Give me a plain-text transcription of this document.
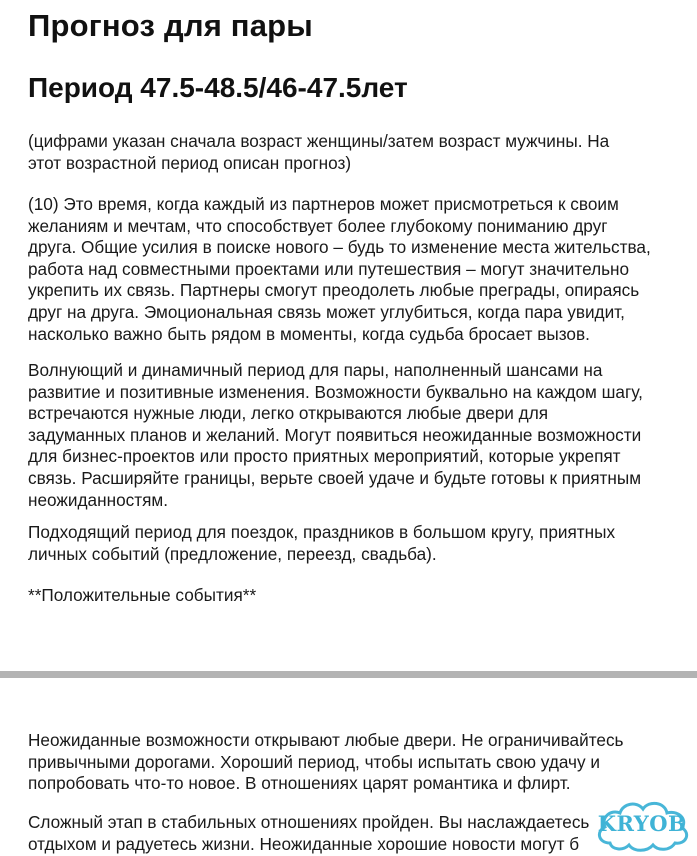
Прогноз для пары
Период 47.5-48.5/46-47.5лет

(цифрами указан сначала возраст женщины/затем возраст мужчины. На
этот возрастной период описан прогноз)

(10) Это время, когда каждый из партнеров может присмотреться к своим
желаниям и мечтам, что способствует более глубокому пониманию друг
друга. Общие усилия в поиске нового – будь то изменение места жительства,
работа над совместными проектами или путешествия – могут значительно
укрепить их связь. Партнеры смогут преодолеть любые преграды, опираясь
друг на друга. Эмоциональная связь может углубиться, когда пара увидит,
насколько важно быть рядом в моменты, когда судьба бросает вызов.

Волнующий и динамичный период для пары, наполненный шансами на
развитие и позитивные изменения. Возможности буквально на каждом шагу,
встречаются нужные люди, легко открываются любые двери для
задуманных планов и желаний. Могут появиться неожиданные возможности
для бизнес-проектов или просто приятных мероприятий, которые укрепят
связь. Расширяйте границы, верьте своей удаче и будьте готовы к приятным
неожиданностям.

Подходящий период для поездок, праздников в большом кругу, приятных
личных событий (предложение, переезд, свадьба).

**Положительные события**

Неожиданные возможности открывают любые двери. Не ограничивайтесь
привычными дорогами. Хороший период, чтобы испытать свою удачу и
попробовать что-то новое. В отношениях царят романтика и флирт.

Сложный этап в стабильных отношениях пройден. Вы наслаждаетесь
отдыхом и радуетесь жизни. Неожиданные хорошие новости могут б

KRYOB
